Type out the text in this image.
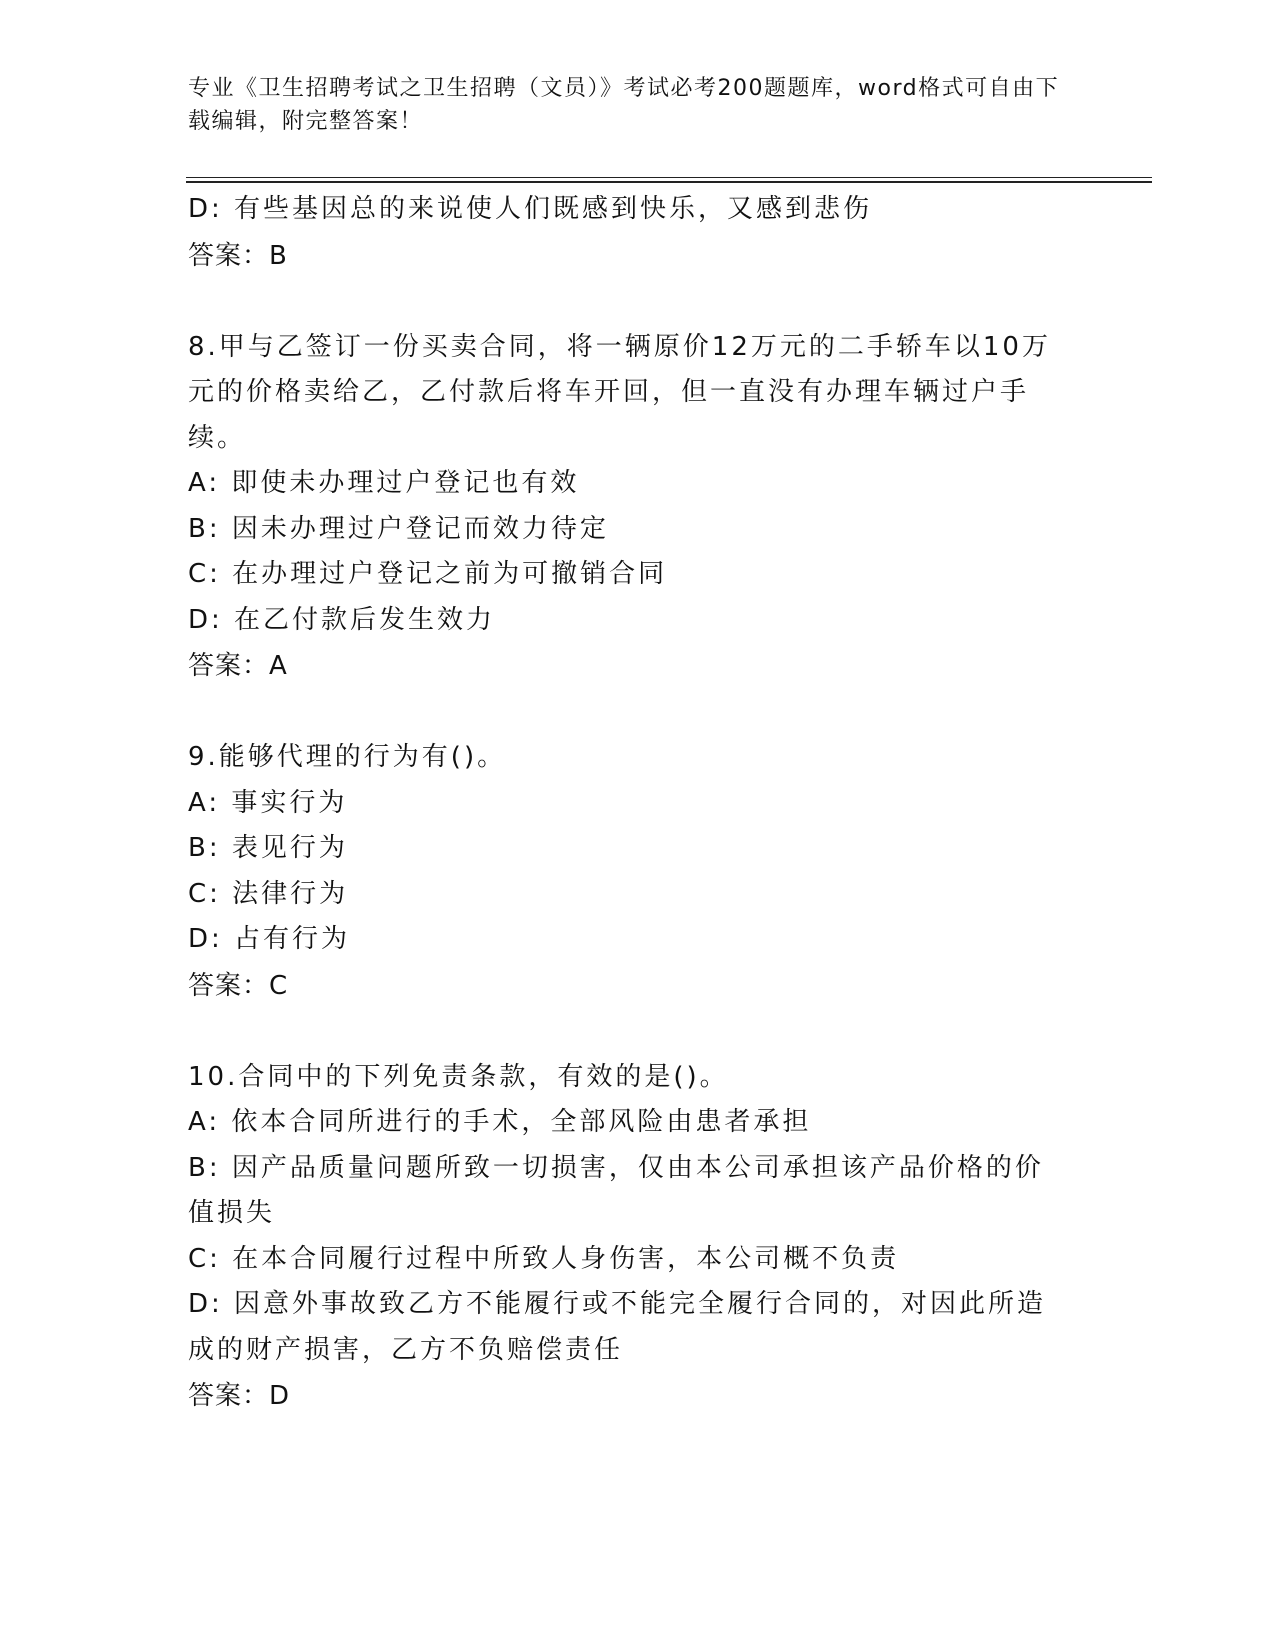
专业《卫生招聘考试之卫生招聘（文员）》考试必考200题题库，word格式可自由下载编辑，附完整答案！

D: 有些基因总的来说使人们既感到快乐，又感到悲伤

答案：B

8.甲与乙签订一份买卖合同，将一辆原价12万元的二手轿车以10万元的价格卖给乙，乙付款后将车开回，但一直没有办理车辆过户手续。

A: 即使未办理过户登记也有效

B: 因未办理过户登记而效力待定

C: 在办理过户登记之前为可撤销合同

D: 在乙付款后发生效力

答案：A

9.能够代理的行为有()。

A: 事实行为

B: 表见行为

C: 法律行为

D: 占有行为

答案：C

10.合同中的下列免责条款，有效的是()。

A: 依本合同所进行的手术，全部风险由患者承担

B: 因产品质量问题所致一切损害，仅由本公司承担该产品价格的价值损失

C: 在本合同履行过程中所致人身伤害，本公司概不负责

D: 因意外事故致乙方不能履行或不能完全履行合同的，对因此所造成的财产损害，乙方不负赔偿责任

答案：D
